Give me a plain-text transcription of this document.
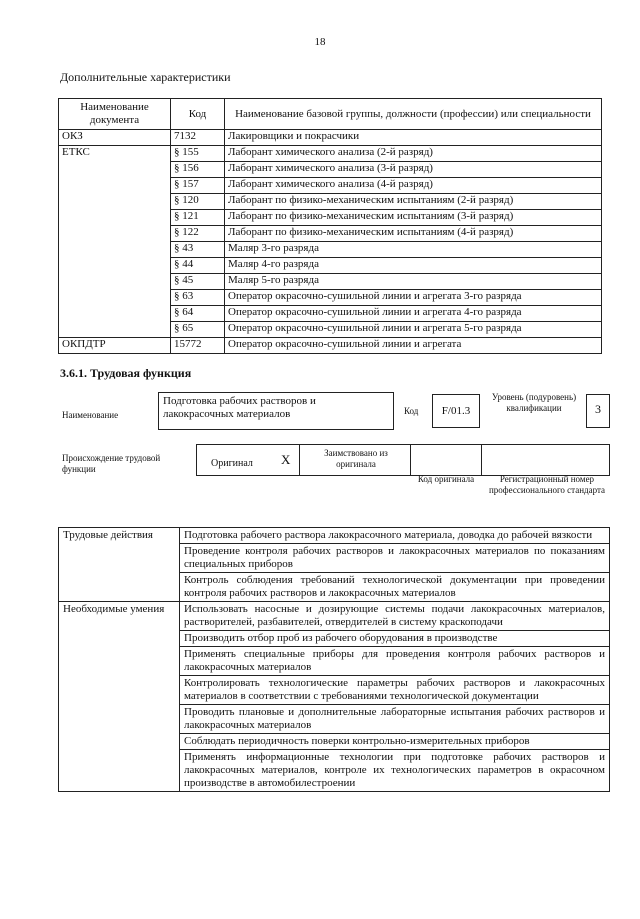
18
Дополнительные характеристики
Наименование документа	Код	Наименование базовой группы, должности (профессии) или специальности
ОКЗ	7132	Лакировщики и покрасчики
ЕТКС	§ 155	Лаборант химического анализа (2-й разряд)
	§ 156	Лаборант химического анализа (3-й разряд)
	§ 157	Лаборант химического анализа (4-й разряд)
	§ 120	Лаборант по физико-механическим испытаниям (2-й разряд)
	§ 121	Лаборант по физико-механическим испытаниям (3-й разряд)
	§ 122	Лаборант по физико-механическим испытаниям (4-й разряд)
	§ 43	Маляр 3-го разряда
	§ 44	Маляр 4-го разряда
	§ 45	Маляр 5-го разряда
	§ 63	Оператор окрасочно-сушильной линии и агрегата 3-го разряда
	§ 64	Оператор окрасочно-сушильной линии и агрегата 4-го разряда
	§ 65	Оператор окрасочно-сушильной линии и агрегата 5-го разряда
ОКПДТР	15772	Оператор окрасочно-сушильной линии и агрегата
3.6.1. Трудовая функция
Наименование
Подготовка рабочих растворов и лакокрасочных материалов	Код	F/01.3
Уровень (подуровень) квалификации	3
Происхождение трудовой функции	Оригинал X	Заимствовано из оригинала
Код оригинала	Регистрационный номер профессионального стандарта
Трудовые действия	Подготовка рабочего раствора лакокрасочного материала, доводка до рабочей вязкости
	Проведение контроля рабочих растворов и лакокрасочных материалов по показаниям специальных приборов
	Контроль соблюдения требований технологической документации при проведении контроля рабочих растворов и лакокрасочных материалов
Необходимые умения	Использовать насосные и дозирующие системы подачи лакокрасочных материалов, растворителей, разбавителей, отвердителей в систему краскоподачи
	Производить отбор проб из рабочего оборудования в производстве
	Применять специальные приборы для проведения контроля рабочих растворов и лакокрасочных материалов
	Контролировать технологические параметры рабочих растворов и лакокрасочных материалов в соответствии с требованиями технологической документации
	Проводить плановые и дополнительные лабораторные испытания рабочих растворов и лакокрасочных материалов
	Соблюдать периодичность поверки контрольно-измерительных приборов
	Применять информационные технологии при подготовке рабочих растворов и лакокрасочных материалов, контроле их технологических параметров в окрасочном производстве в автомобилестроении
